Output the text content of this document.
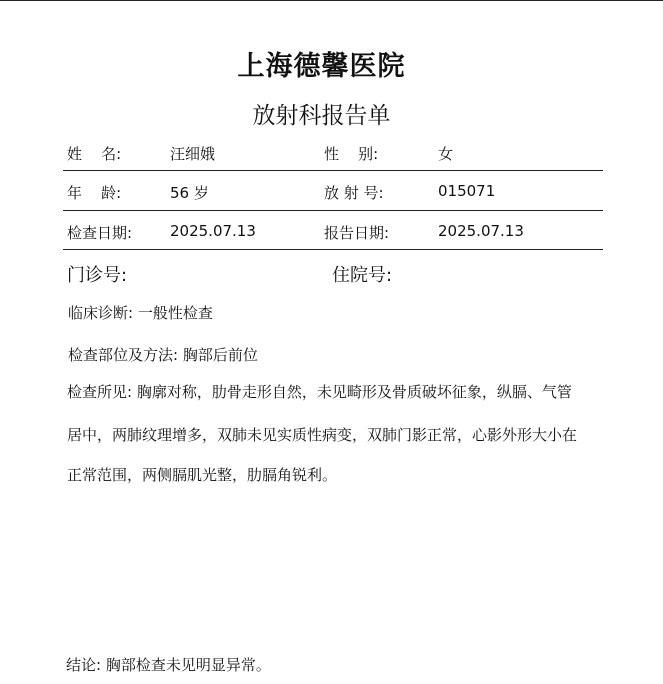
上海德馨医院
放射科报告单
姓    名:	汪细娥	性    别:	女
年    龄:	56 岁	放 射 号:	015071
检查日期:	2025.07.13	报告日期:	2025.07.13
门诊号:	住院号:
临床诊断: 一般性检查
检查部位及方法: 胸部后前位
检查所见: 胸廓对称，肋骨走形自然，未见畸形及骨质破坏征象，纵膈、气管
居中，两肺纹理增多，双肺未见实质性病变，双肺门影正常，心影外形大小在
正常范围，两侧膈肌光整，肋膈角锐利。
结论: 胸部检查未见明显异常。
